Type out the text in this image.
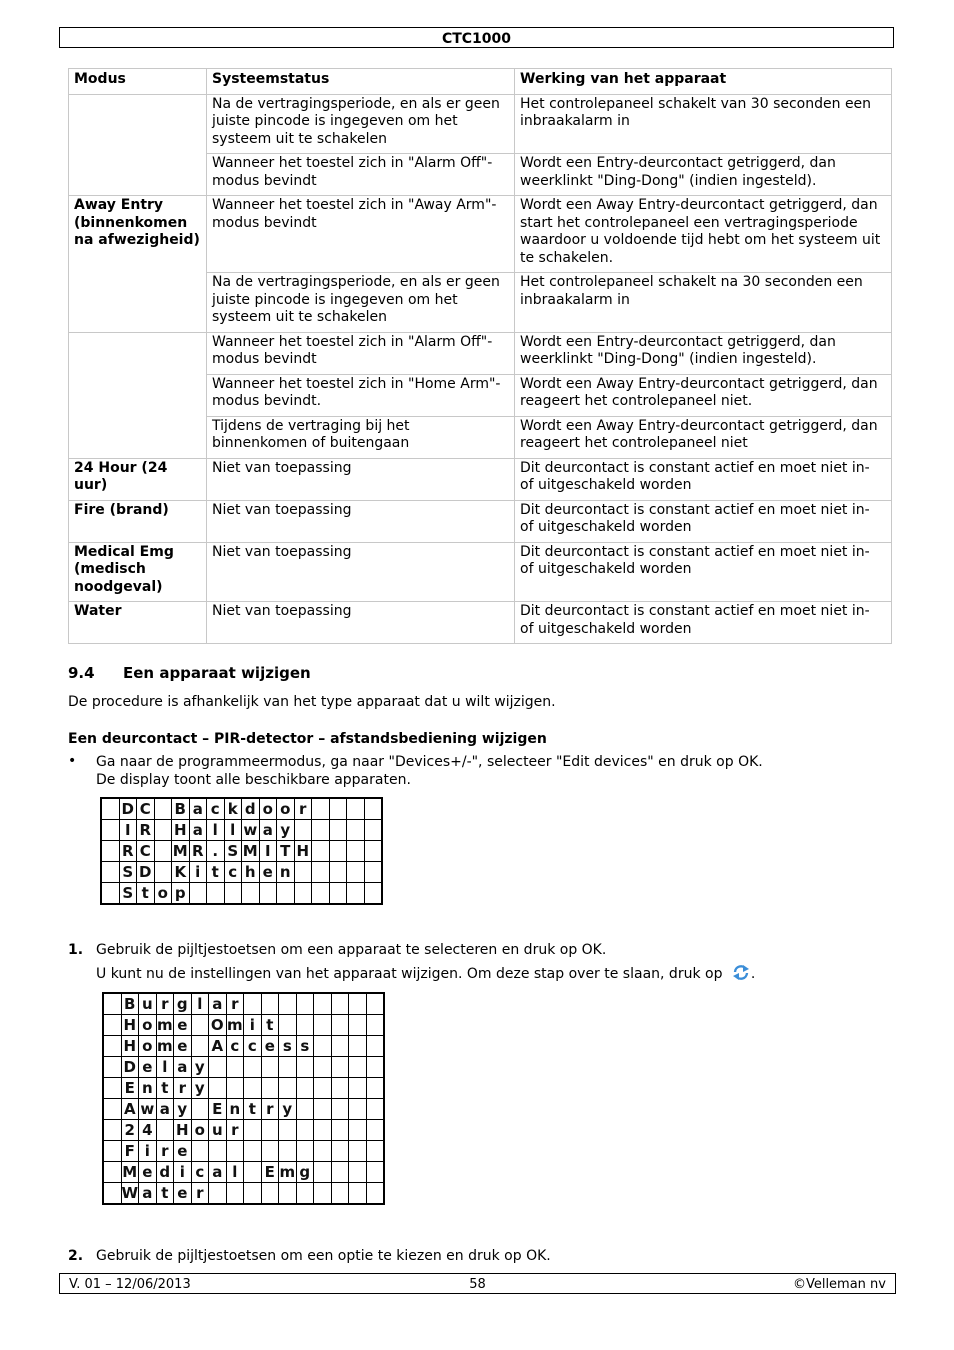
CTC1000
Modus	Systeemstatus	Werking van het apparaat
	Na de vertragingsperiode, en als er geen juiste pincode is ingegeven om het systeem uit te schakelen	Het controlepaneel schakelt van 30 seconden een inbraakalarm in
	Wanneer het toestel zich in "Alarm Off"-modus bevindt	Wordt een Entry-deurcontact getriggerd, dan weerklinkt "Ding-Dong" (indien ingesteld).
Away Entry (binnenkomen na afwezigheid)	Wanneer het toestel zich in "Away Arm"-modus bevindt	Wordt een Away Entry-deurcontact getriggerd, dan start het controlepaneel een vertragingsperiode waardoor u voldoende tijd hebt om het systeem uit te schakelen.
	Na de vertragingsperiode, en als er geen juiste pincode is ingegeven om het systeem uit te schakelen	Het controlepaneel schakelt na 30 seconden een inbraakalarm in
	Wanneer het toestel zich in "Alarm Off"-modus bevindt	Wordt een Entry-deurcontact getriggerd, dan weerklinkt "Ding-Dong" (indien ingesteld).
	Wanneer het toestel zich in "Home Arm"-modus bevindt.	Wordt een Away Entry-deurcontact getriggerd, dan reageert het controlepaneel niet.
	Tijdens de vertraging bij het binnenkomen of buitengaan	Wordt een Away Entry-deurcontact getriggerd, dan reageert het controlepaneel niet
24 Hour (24 uur)	Niet van toepassing	Dit deurcontact is constant actief en moet niet in- of uitgeschakeld worden
Fire (brand)	Niet van toepassing	Dit deurcontact is constant actief en moet niet in- of uitgeschakeld worden
Medical Emg (medisch noodgeval)	Niet van toepassing	Dit deurcontact is constant actief en moet niet in- of uitgeschakeld worden
Water	Niet van toepassing	Dit deurcontact is constant actief en moet niet in- of uitgeschakeld worden
9.4 Een apparaat wijzigen

De procedure is afhankelijk van het type apparaat dat u wilt wijzigen.

Een deurcontact – PIR-detector – afstandsbediening wijzigen

• Ga naar de programmeermodus, ga naar "Devices+/-", selecteer "Edit devices" en druk op OK.
De display toont alle beschikbare apparaten.
	D	C		B	a	c	k	d	o	o	r				
	I	R		H	a	l	l	w	a	y					
	R	C		M	R	.	S	M	I	T	H				
	S	D		K	i	t	c	h	e	n					
	S	t	o	p											
1. Gebruik de pijltjestoetsen om een apparaat te selecteren en druk op OK.
U kunt nu de instellingen van het apparaat wijzigen. Om deze stap over te slaan, druk op .
	B	u	r	g	l	a	r								
	H	o	m	e		O	m	i	t						
	H	o	m	e		A	c	c	e	s	s				
	D	e	l	a	y										
	E	n	t	r	y										
	A	w	a	y		E	n	t	r	y					
	2	4		H	o	u	r								
	F	i	r	e											
	M	e	d	i	c	a	l		E	m	g				
	W	a	t	e	r										
2. Gebruik de pijltjestoetsen om een optie te kiezen en druk op OK.
V. 01 – 12/06/2013	58	©Velleman nv
